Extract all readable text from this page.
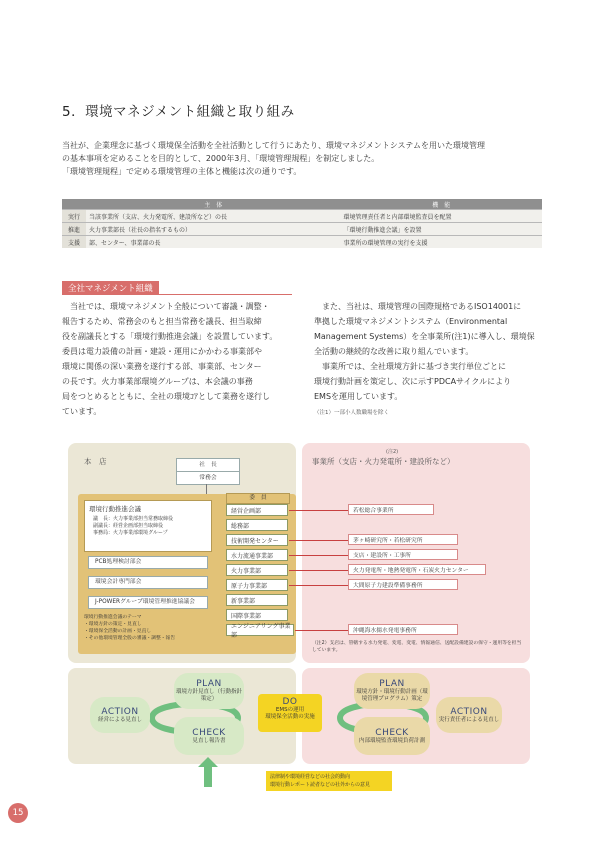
5．環境マネジメント組織と取り組み
当社が、企業理念に基づく環境保全活動を全社活動として行うにあたり、環境マネジメントシステムを用いた環境管理
の基本事項を定めることを目的として、2000年3月、「環境管理規程」を制定しました。
「環境管理規程」で定める環境管理の主体と機能は次の通りです。
	主　体	機　能
実行	当該事業所（支店、火力発電所、建設所など）の長	環境管理責任者と内部環境監査員を配置
推進	火力事業部長（社長の指名するもの）	「環境行動推進会議」を設置
支援	部、センター、事業部の長	事業所の環境管理の実行を支援
全社マネジメント組織
　当社では、環境マネジメント全般について審議・調整・
報告するため、常務会のもと担当常務を議長、担当取締
役を副議長とする「環境行動推進会議」を設置しています。
委員は電力設備の計画・建設・運用にかかわる事業部や
環境に関係の深い業務を遂行する部、事業部、センター
の長です。火力事業部環境グループは、本会議の事務
局をつとめるとともに、全社の環境ｺｱとして業務を遂行し
ています。
　また、当社は、環境管理の国際規格であるISO14001に
準拠した環境マネジメントシステム（Environmental
Management Systems）を全事業所(注1)に導入し、環境保
全活動の継続的な改善に取り組んでいます。
　事業所では、全社環境方針に基づき実行単位ごとに
環境行動計画を策定し、次に示すPDCAサイクルにより
EMSを運用しています。
（注1）一部小人数職場を除く
本　店	事業所（支店・火力発電所・建設所など）
(注2)
社　長
常務会
環境行動推進会議
議　長：火力事業部担当常務取締役
副議長：経営企画部担当取締役
事務局：火力事業部環境グループ
PCB処理検討部会
環境会計専門部会
J-POWERグループ環境管理推進協議会
環境行動推進会議のテーマ
・環境方針の策定・見直し
・環境保全活動の計画・見直し
・その他環境管理全般の審議・調整・報告
委　員
経営企画部
総務部
技術開発センター
水力流通事業部
火力事業部
原子力事業部
新事業部
国際事業部
エンジニアリング事業部
若松総合事業所
茅ヶ崎研究所・若松研究所
支店・建設所・工事所
火力発電所・地熱発電所・石炭火力センター
大間原子力建設準備事務所
沖縄海水揚水発電事務所
（注2）支店は、管轄する水力発電、変電、変電、情報通信、送配設備建設の保守・運用等を担当しています。
PLAN
環境方針見直し（行動指針策定）
ACTION
経営による見直し
CHECK
見直し報告書
DO
EMSの運用
環境保全活動の実施
PLAN
環境方針・環境行動計画（環境管理プログラム）策定
ACTION
実行責任者による見直し
CHECK
内部環境監査環境負荷計測
法律制や環境経営などの社会的動向
環境行動レポート読者などの社外からの意見
15
